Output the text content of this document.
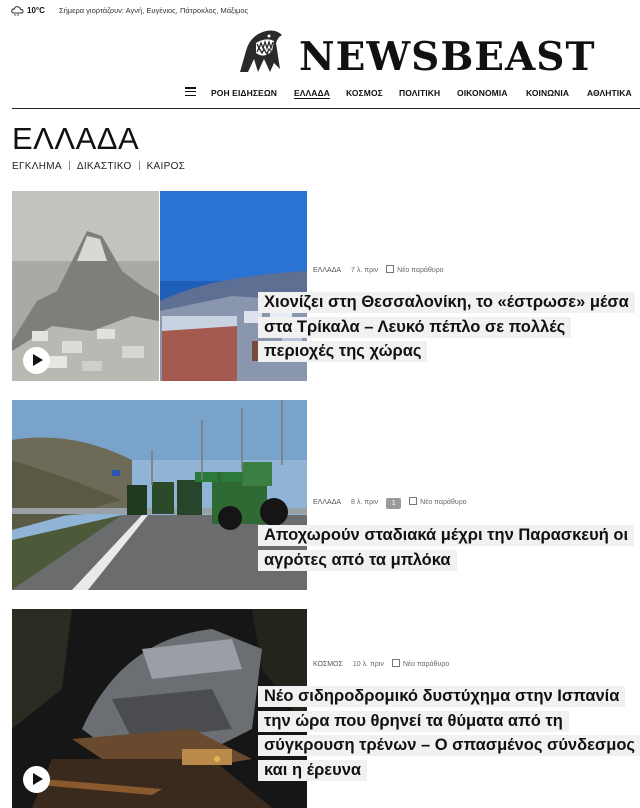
10°C Σήμερα γιορτάζουν: Αγνή, Ευγένιος, Πάτροκλος, Μάξιμος
NEWSBEAST
ΡΟΗ ΕΙΔΗΣΕΩΝ ΕΛΛΑΔΑ ΚΟΣΜΟΣ ΠΟΛΙΤΙΚΗ ΟΙΚΟΝΟΜΙΑ ΚΟΙΝΩΝΙΑ ΑΘΛΗΤΙΚΑ
ΕΛΛΑΔΑ
ΕΓΚΛΗΜΑ ΔΙΚΑΣΤΙΚΟ ΚΑΙΡΟΣ
ΕΛΛΑΔΑ 7 λ. πριν	Νέο παράθυρο
Χιονίζει στη Θεσσαλονίκη, το «έστρωσε» μέσα στα Τρίκαλα – Λευκό πέπλο σε πολλές περιοχές της χώρας
ΕΛΛΑΔΑ 8 λ. πριν 1	Νέο παράθυρο
Αποχωρούν σταδιακά μέχρι την Παρασκευή οι αγρότες από τα μπλόκα
ΚΟΣΜΟΣ 10 λ. πριν	Νέο παράθυρο
Νέο σιδηροδρομικό δυστύχημα στην Ισπανία την ώρα που θρηνεί τα θύματα από τη σύγκρουση τρένων – Ο σπασμένος σύνδεσμος και η έρευνα
